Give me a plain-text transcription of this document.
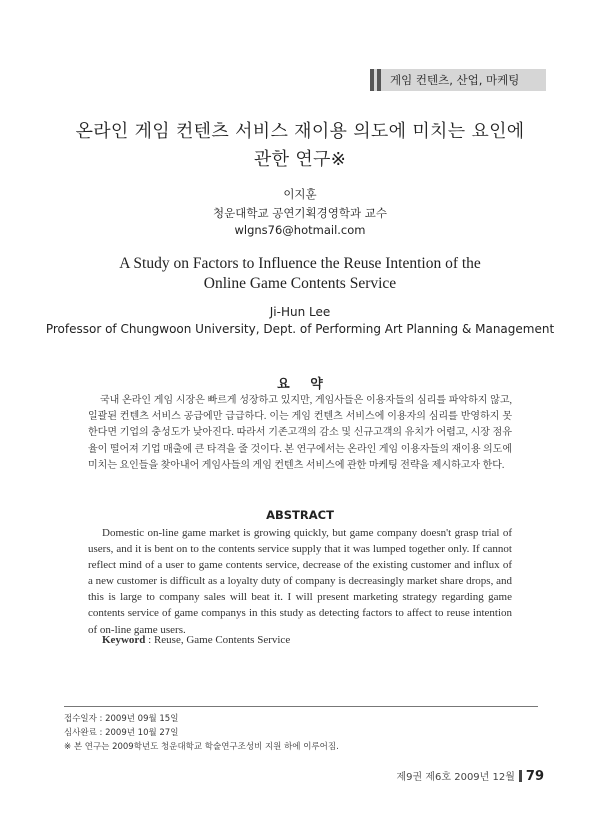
게임 컨텐츠, 산업, 마케팅
온라인 게임 컨텐츠 서비스 재이용 의도에 미치는 요인에
관한 연구※
이지훈
청운대학교 공연기획경영학과 교수
wlgns76@hotmail.com
A Study on Factors to Influence the Reuse Intention of the
Online Game Contents Service
Ji-Hun Lee
Professor of Chungwoon University, Dept. of Performing Art Planning & Management
요 약
국내 온라인 게임 시장은 빠르게 성장하고 있지만, 게임사들은 이용자들의 심리를 파악하지 않고, 일괄된 컨텐츠 서비스 공급에만 급급하다. 이는 게임 컨텐츠 서비스에 이용자의 심리를 반영하지 못한다면 기업의 충성도가 낮아진다. 따라서 기존고객의 감소 및 신규고객의 유치가 어렵고, 시장 점유율이 떨어져 기업 매출에 큰 타격을 줄 것이다. 본 연구에서는 온라인 게임 이용자들의 재이용 의도에 미치는 요인들을 찾아내어 게임사들의 게임 컨텐츠 서비스에 관한 마케팅 전략을 제시하고자 한다.
ABSTRACT
Domestic on-line game market is growing quickly, but game company doesn't grasp trial of users, and it is bent on to the contents service supply that it was lumped together only. If cannot reflect mind of a user to game contents service, decrease of the existing customer and influx of a new customer is difficult as a loyalty duty of company is decreasingly market share drops, and this is large to company sales will beat it. I will present marketing strategy regarding game contents service of game companys in this study as detecting factors to affect to reuse intention of on-line game users.
Keyword : Reuse, Game Contents Service
접수일자 : 2009년 09월 15일
심사완료 : 2009년 10월 27일
※ 본 연구는 2009학년도 청운대학교 학술연구조성비 지원 하에 이루어짐.
제9권 제6호 2009년 12월 79
